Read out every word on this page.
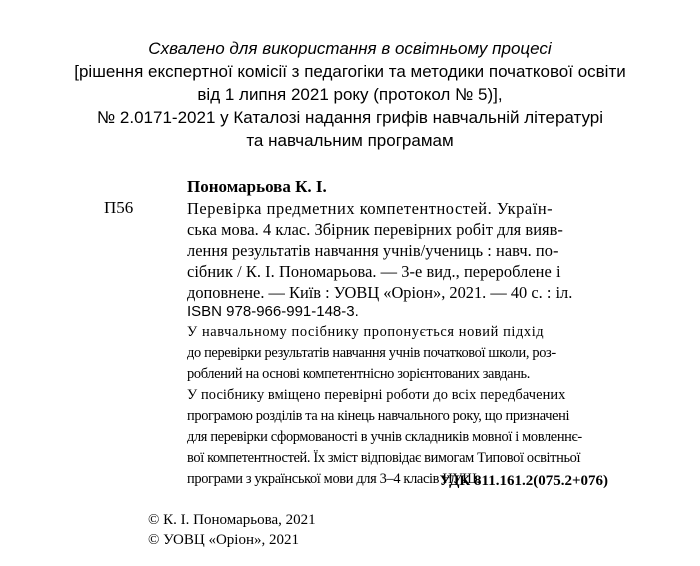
Схвалено для використання в освітньому процесі
[рішення експертної комісії з педагогіки та методики початкової освіти
від 1 липня 2021 року (протокол № 5)],
№ 2.0171-2021 у Каталозі надання грифів навчальній літературі
та навчальним програмам
Пономарьова К. І.
П56	Перевірка предметних компетентностей. Україн-
ська мова. 4 клас. Збірник перевірних робіт для вияв-
лення результатів навчання учнів/учениць : навч. по-
сібник / К. І. Пономарьова. — 3-е вид., перероблене і
доповнене. — Київ : УОВЦ «Оріон», 2021. — 40 с. : іл.
ISBN 978-966-991-148-3.
У навчальному посібнику пропонується новий підхід
до перевірки результатів навчання учнів початкової школи, роз-
роблений на основі компетентнісно зорієнтованих завдань.
У посібнику вміщено перевірні роботи до всіх передбачених
програмою розділів та на кінець навчального року, що призначені
для перевірки сформованості в учнів складників мовної і мовленнє-
вої компетентностей. Їх зміст відповідає вимогам Типової освітньої
програми з української мови для 3–4 класів НУШ.
УДК 811.161.2(075.2+076)
© К. І. Пономарьова, 2021
© УОВЦ «Оріон», 2021
